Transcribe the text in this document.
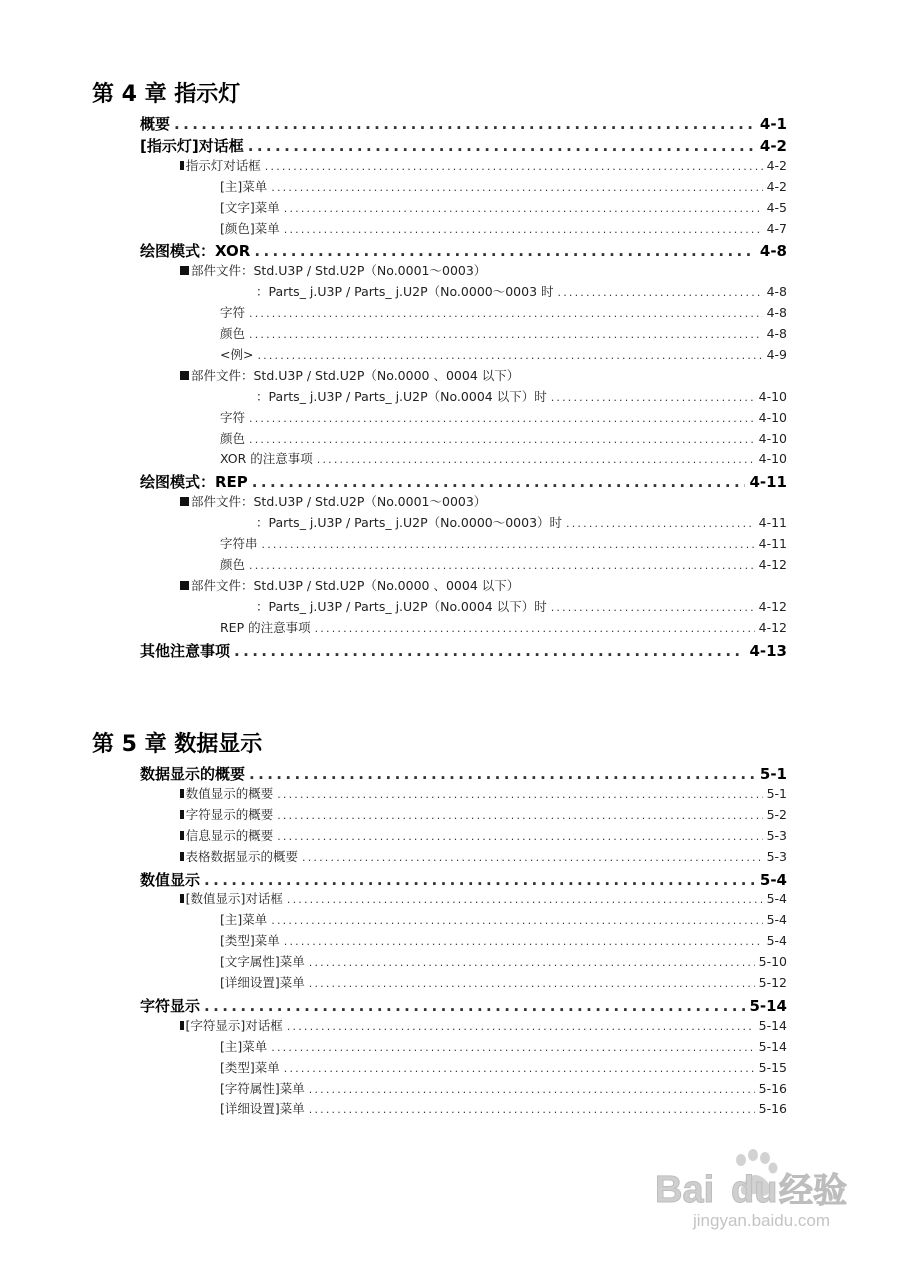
第 4 章 指示灯
概要 .....	4-1
[指示灯]对话框 .....	4-2
指示灯对话框 .....	4-2
[主]菜单 .....	4-2
[文字]菜单 .....	4-5
[颜色]菜单 .....	4-7
绘图模式：XOR .....	4-8
部件文件：Std.U3P / Std.U2P（No.0001～0003）
：Parts_ j.U3P / Parts_ j.U2P（No.0000～0003 时 .....	4-8
字符 .....	4-8
颜色 .....	4-8
<例> .....	4-9
部件文件：Std.U3P / Std.U2P（No.0000 、0004 以下）
：Parts_ j.U3P / Parts_ j.U2P（No.0004 以下）时 .....	4-10
字符 .....	4-10
颜色 .....	4-10
XOR 的注意事项 .....	4-10
绘图模式：REP .....	4-11
部件文件：Std.U3P / Std.U2P（No.0001～0003）
：Parts_ j.U3P / Parts_ j.U2P（No.0000～0003）时 .....	4-11
字符串 .....	4-11
颜色 .....	4-12
部件文件：Std.U3P / Std.U2P（No.0000 、0004 以下）
：Parts_ j.U3P / Parts_ j.U2P（No.0004 以下）时 .....	4-12
REP 的注意事项 .....	4-12
其他注意事项 .....	4-13
第 5 章 数据显示
数据显示的概要 .....	5-1
数值显示的概要 .....	5-1
字符显示的概要 .....	5-2
信息显示的概要 .....	5-3
表格数据显示的概要 .....	5-3
数值显示 .....	5-4
[数值显示]对话框 .....	5-4
[主]菜单 .....	5-4
[类型]菜单 .....	5-4
[文字属性]菜单 .....	5-10
[详细设置]菜单 .....	5-12
字符显示 .....	5-14
[字符显示]对话框 .....	5-14
[主]菜单 .....	5-14
[类型]菜单 .....	5-15
[字符属性]菜单 .....	5-16
[详细设置]菜单 .....	5-16
Bai du 经验
jingyan.baidu.com
